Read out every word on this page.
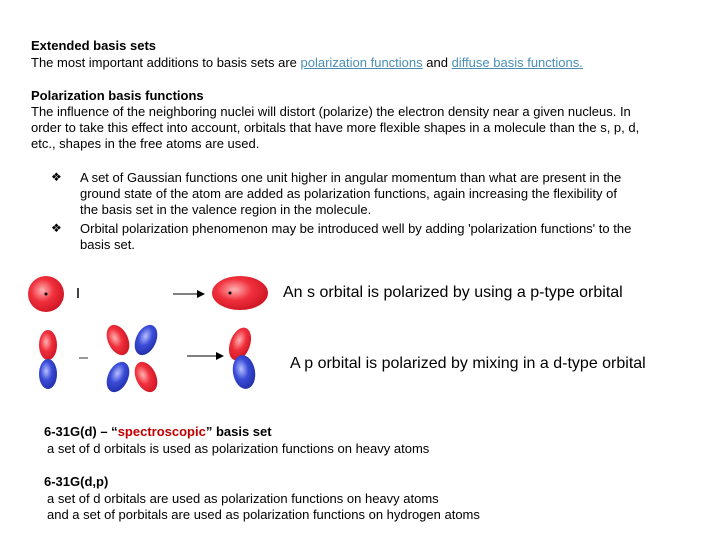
Extended basis sets
The most important additions to basis sets are polarization functions and diffuse basis functions.
Polarization basis functions
The influence of the neighboring nuclei will distort (polarize) the electron density near a given nucleus. In
order to take this effect into account, orbitals that have more flexible shapes in a molecule than the s, p, d,
etc., shapes in the free atoms are used.
❖ A set of Gaussian functions one unit higher in angular momentum than what are present in the
ground state of the atom are added as polarization functions, again increasing the flexibility of
the basis set in the valence region in the molecule.
❖ Orbital polarization phenomenon may be introduced well by adding 'polarization functions' to the
basis set.
An s orbital is polarized by using a p-type orbital
A p orbital is polarized by mixing in a d-type orbital
6-31G(d) – “spectroscopic” basis set
a set of d orbitals is used as polarization functions on heavy atoms
6-31G(d,p)
a set of d orbitals are used as polarization functions on heavy atoms
and a set of porbitals are used as polarization functions on hydrogen atoms
